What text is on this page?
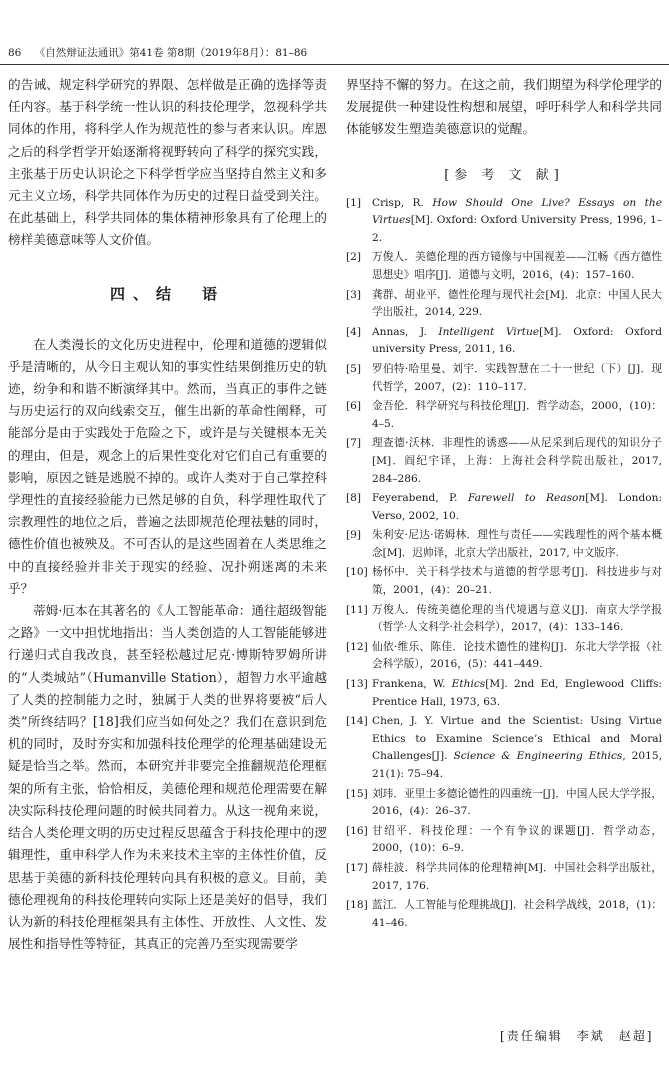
86 《自然辩证法通讯》第41卷 第8期（2019年8月）：81–86

的告诫、规定科学研究的界限、怎样做是正确的选择等责任内容。基于科学统一性认识的科技伦理学，忽视科学共同体的作用，将科学人作为规范性的参与者来认识。库恩之后的科学哲学开始逐渐将视野转向了科学的探究实践，主张基于历史认识论之下科学哲学应当坚持自然主义和多元主义立场，科学共同体作为历史的过程日益受到关注。在此基础上，科学共同体的集体精神形象具有了伦理上的榜样美德意味等人文价值。

四、结　语

在人类漫长的文化历史进程中，伦理和道德的逻辑似乎是清晰的，从今日主观认知的事实性结果倒推历史的轨迹，纷争和和谐不断演绎其中。然而，当真正的事件之链与历史运行的双向线索交互，催生出新的革命性阐释，可能部分是由于实践处于危险之下，或许是与关键根本无关的理由，但是，观念上的后果性变化对它们自己有重要的影响，原因之链是逃脱不掉的。或许人类对于自己掌控科学理性的直接经验能力已然足够的自负，科学理性取代了宗教理性的地位之后，普遍之法即规范伦理祛魅的同时，德性价值也被殃及。不可否认的是这些固着在人类思维之中的直接经验并非关于现实的经验、况扑朔迷离的未来乎？

蒂姆·厄本在其著名的《人工智能革命：通往超级智能之路》一文中担忧地指出：当人类创造的人工智能能够进行递归式自我改良，甚至轻松越过尼克·博斯特罗姆所讲的“人类城站”（Humanville Station），超智力水平逾越了人类的控制能力之时，独属于人类的世界将要被“后人类”所终结吗？[18]我们应当如何处之？我们在意识到危机的同时，及时夯实和加强科技伦理学的伦理基础建设无疑是恰当之举。然而，本研究并非要完全推翻规范伦理框架的所有主张，恰恰相反，美德伦理和规范伦理需要在解决实际科技伦理问题的时候共同着力。从这一视角来说，结合人类伦理文明的历史过程反思蕴含于科技伦理中的逻辑理性，重申科学人作为未来技术主宰的主体性价值，反思基于美德的新科技伦理转向具有积极的意义。目前，美德伦理视角的科技伦理转向实际上还是美好的倡导，我们认为新的科技伦理框架具有主体性、开放性、人文性、发展性和指导性等特征，其真正的完善乃至实现需要学

界坚持不懈的努力。在这之前，我们期望为科学伦理学的发展提供一种建设性构想和展望，呼吁科学人和科学共同体能够发生塑造美德意识的觉醒。

[参 考 文 献]
[1]	Crisp, R. How Should One Live? Essays on the Virtues[M]. Oxford: Oxford University Press, 1996, 1–2.
[2]	万俊人．美德伦理的西方镜像与中国视差——江畅《西方德性思想史》唱序[J]．道德与文明，2016，(4)：157–160.
[3]	龚群、胡业平．德性伦理与现代社会[M]．北京：中国人民大学出版社，2014, 229.
[4]	Annas, J. Intelligent Virtue[M]. Oxford: Oxford university Press, 2011, 16.
[5]	罗伯特·哈里曼、刘宇．实践智慧在二十一世纪（下）[J]．现代哲学，2007，(2)：110–117.
[6]	金吾伦．科学研究与科技伦理[J]．哲学动态，2000，(10)：4–5.
[7]	理查德·沃林．非理性的诱惑——从尼采到后现代的知识分子[M]．阎纪宇译，上海：上海社会科学院出版社，2017, 284–286.
[8]	Feyerabend, P. Farewell to Reason[M]. London: Verso, 2002, 10.
[9]	朱利安·尼达·诺姆林．理性与责任——实践理性的两个基本概念[M]．迟帅译，北京大学出版社，2017, 中文版序.
[10] 杨怀中．关于科学技术与道德的哲学思考[J]．科技进步与对策，2001，(4)：20–21.
[11] 万俊人．传统美德伦理的当代境遇与意义[J]．南京大学学报（哲学·人文科学·社会科学），2017，(4)：133–146.
[12] 仙依·维乐、陈佳．论技术德性的建构[J]．东北大学学报（社会科学版），2016，(5)：441–449.
[13] Frankena, W. Ethics[M]. 2nd Ed, Englewood Cliffs: Prentice Hall, 1973, 63.
[14] Chen, J. Y. Virtue and the Scientist: Using Virtue Ethics to Examine Science’s Ethical and Moral Challenges[J]. Science & Engineering Ethics, 2015, 21(1): 75–94.
[15] 刘玮．亚里士多德论德性的四重统一[J]．中国人民大学学报，2016，(4)：26–37.
[16] 甘绍平．科技伦理：一个有争议的课题[J]．哲学动态，2000，(10)：6–9.
[17] 薛桂波．科学共同体的伦理精神[M]．中国社会科学出版社，2017, 176.
[18] 蓝江．人工智能与伦理挑战[J]．社会科学战线，2018，(1)：41–46.
[责任编辑　 李斌　赵超]
